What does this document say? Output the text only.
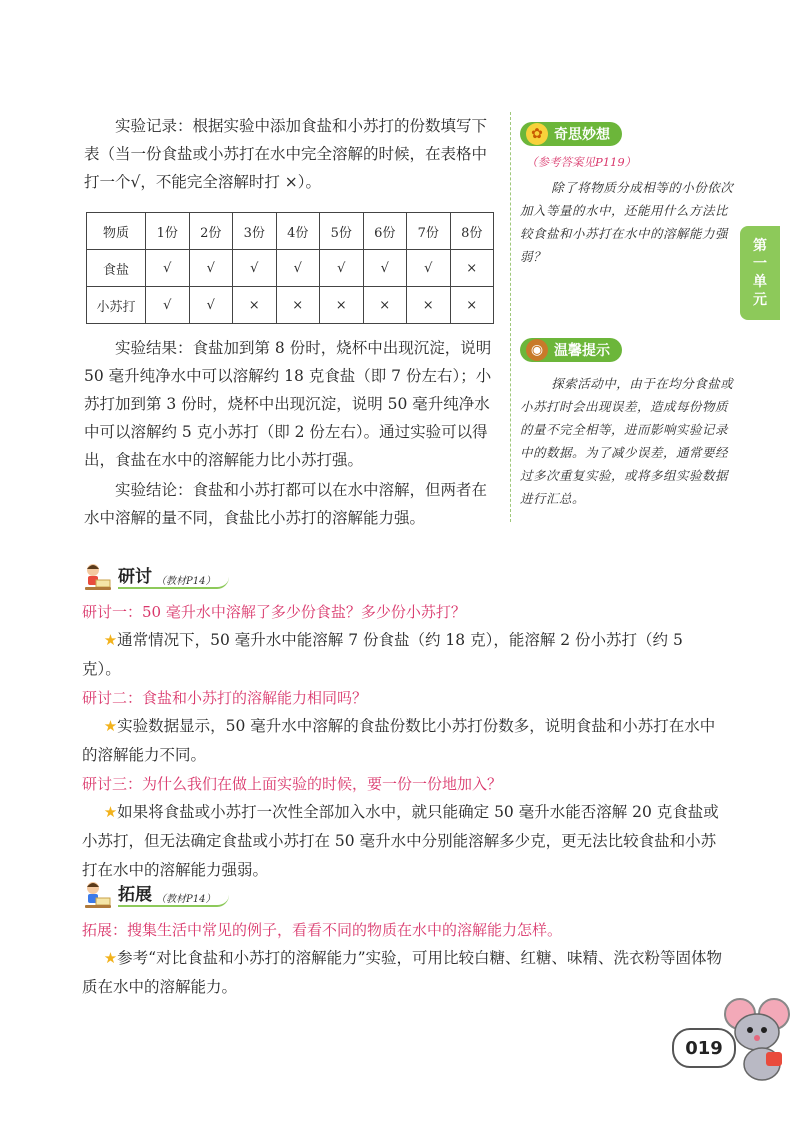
实验记录：根据实验中添加食盐和小苏打的份数填写下表（当一份食盐或小苏打在水中完全溶解的时候，在表格中打一个√，不能完全溶解时打 ×）。

物质	1份	2份	3份	4份	5份	6份	7份	8份
食盐	√	√	√	√	√	√	√	×
小苏打	√	√	×	×	×	×	×	×

实验结果：食盐加到第 8 份时，烧杯中出现沉淀，说明 50 毫升纯净水中可以溶解约 18 克食盐（即 7 份左右）；小苏打加到第 3 份时，烧杯中出现沉淀，说明 50 毫升纯净水中可以溶解约 5 克小苏打（即 2 份左右）。通过实验可以得出，食盐在水中的溶解能力比小苏打强。

实验结论：食盐和小苏打都可以在水中溶解，但两者在水中溶解的量不同，食盐比小苏打的溶解能力强。

✿ 奇思妙想
（参考答案见P119）

除了将物质分成相等的小份依次加入等量的水中，还能用什么方法比较食盐和小苏打在水中的溶解能力强弱？

◉ 温馨提示

探索活动中，由于在均分食盐或小苏打时会出现误差，造成每份物质的量不完全相等，进而影响实验记录中的数据。为了减少误差，通常要经过多次重复实验，或将多组实验数据进行汇总。

第
一
单
元
研讨 （教材P14）

研讨一：50 毫升水中溶解了多少份食盐？多少份小苏打？

★通常情况下，50 毫升水中能溶解 7 份食盐（约 18 克），能溶解 2 份小苏打（约 5 克）。

研讨二：食盐和小苏打的溶解能力相同吗？

★实验数据显示，50 毫升水中溶解的食盐份数比小苏打份数多，说明食盐和小苏打在水中的溶解能力不同。

研讨三：为什么我们在做上面实验的时候，要一份一份地加入？

★如果将食盐或小苏打一次性全部加入水中，就只能确定 50 毫升水能否溶解 20 克食盐或小苏打，但无法确定食盐或小苏打在 50 毫升水中分别能溶解多少克，更无法比较食盐和小苏打在水中的溶解能力强弱。

拓展 （教材P14）

拓展：搜集生活中常见的例子，看看不同的物质在水中的溶解能力怎样。

★参考“对比食盐和小苏打的溶解能力”实验，可用比较白糖、红糖、味精、洗衣粉等固体物质在水中的溶解能力。

019
